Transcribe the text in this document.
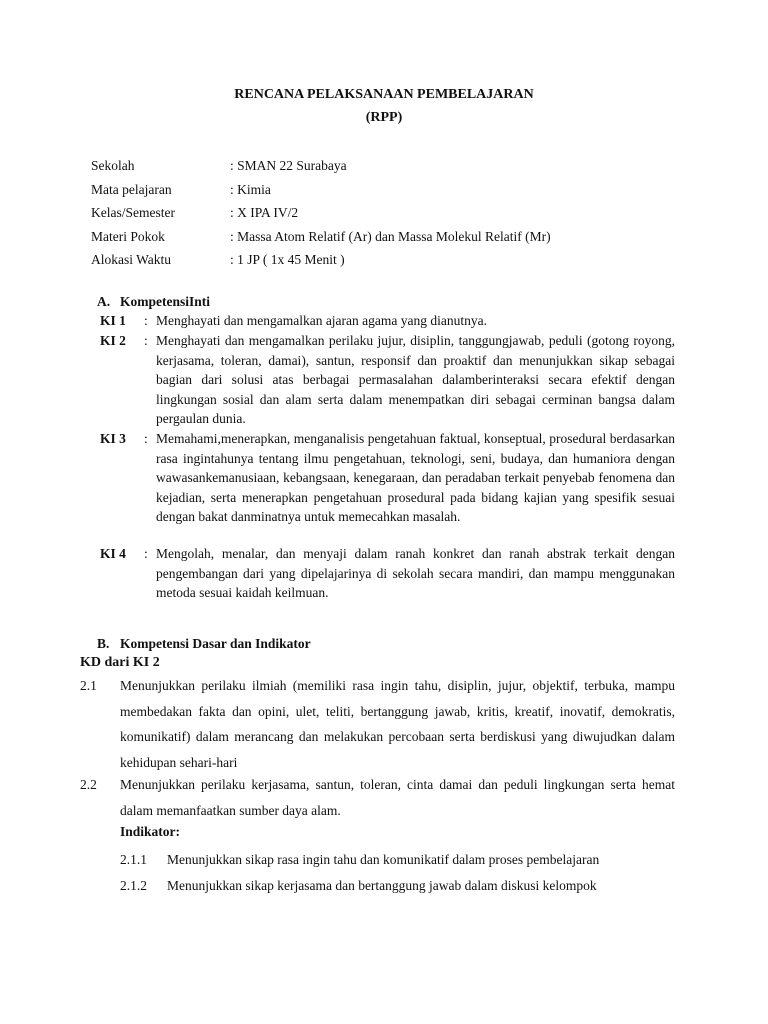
RENCANA PELAKSANAAN PEMBELAJARAN
(RPP)
Sekolah	: SMAN 22 Surabaya
Mata pelajaran	: Kimia
Kelas/Semester	: X IPA IV/2
Materi Pokok	: Massa Atom Relatif (Ar) dan Massa Molekul Relatif (Mr)
Alokasi Waktu	: 1 JP ( 1x 45 Menit )
A. KompetensiInti
KI 1	: Menghayati dan mengamalkan ajaran agama yang dianutnya.
KI 2	: Menghayati dan mengamalkan perilaku jujur, disiplin, tanggungjawab, peduli (gotong royong, kerjasama, toleran, damai), santun, responsif dan proaktif dan menunjukkan sikap sebagai bagian dari solusi atas berbagai permasalahan dalamberinteraksi secara efektif dengan lingkungan sosial dan alam serta dalam menempatkan diri sebagai cerminan bangsa dalam pergaulan dunia.
KI 3	: Memahami,menerapkan, menganalisis pengetahuan faktual, konseptual, prosedural berdasarkan rasa ingintahunya tentang ilmu pengetahuan, teknologi, seni, budaya, dan humaniora dengan wawasankemanusiaan, kebangsaan, kenegaraan, dan peradaban terkait penyebab fenomena dan kejadian, serta menerapkan pengetahuan prosedural pada bidang kajian yang spesifik sesuai dengan bakat danminatnya untuk memecahkan masalah.
KI 4	: Mengolah, menalar, dan menyaji dalam ranah konkret dan ranah abstrak terkait dengan pengembangan dari yang dipelajarinya di sekolah secara mandiri, dan mampu menggunakan metoda sesuai kaidah keilmuan.
B. Kompetensi Dasar dan Indikator
KD dari KI 2
2.1	Menunjukkan perilaku ilmiah (memiliki rasa ingin tahu, disiplin, jujur, objektif, terbuka, mampu membedakan fakta dan opini, ulet, teliti, bertanggung jawab, kritis, kreatif, inovatif, demokratis, komunikatif) dalam merancang dan melakukan percobaan serta berdiskusi yang diwujudkan dalam kehidupan sehari-hari
2.2	Menunjukkan perilaku kerjasama, santun, toleran, cinta damai dan peduli lingkungan serta hemat dalam memanfaatkan sumber daya alam.
Indikator:
2.1.1	Menunjukkan sikap rasa ingin tahu dan komunikatif dalam proses pembelajaran
2.1.2	Menunjukkan sikap kerjasama dan bertanggung jawab dalam diskusi kelompok
